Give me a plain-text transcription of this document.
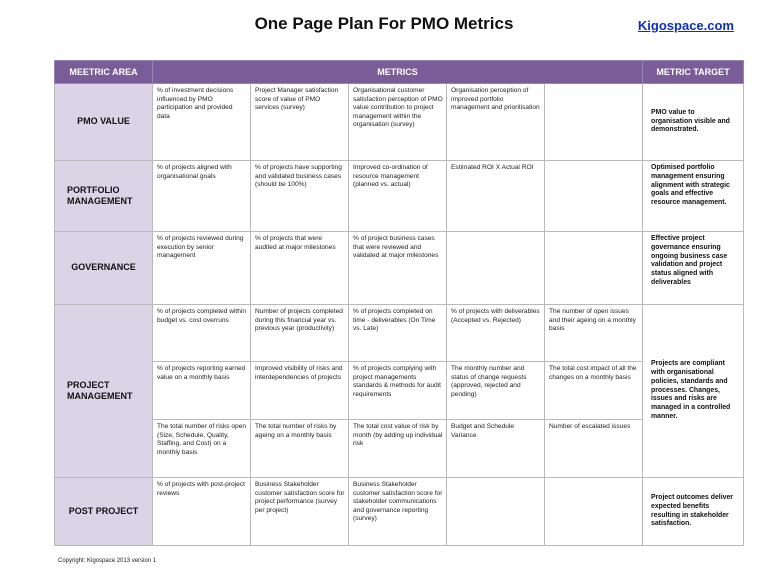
One Page Plan For PMO Metrics	Kigospace.com
MEETRIC AREA	METRICS					METRIC TARGET
PMO VALUE	% of investment decisions influenced by PMO participation and provided data	Project Manager satisfaction score of value of PMO services (survey)	Organisational customer satisfaction perception of PMO value contribution to project management within the organisation (survey)	Organisation perception of improved portfolio management and prioritisation		PMO value to organisation visible and demonstrated.
PORTFOLIO MANAGEMENT	% of projects aligned with organisational goals	% of projects have supporting and validated business cases (should be 100%)	Improved co-ordination of resource management (planned vs. actual)	Estimated ROI X Actual ROI		Optimised portfolio management ensuring alignment with strategic goals and effective resource management.
GOVERNANCE	% of projects reviewed during execution by senior management	% of projects that were audited at major milestones	% of project business cases that were reviewed and validated at major milestones			Effective project governance ensuring ongoing business case validation and project status aligned with deliverables
PROJECT MANAGEMENT	% of projects completed within budget vs. cost overruns	Number of projects completed during this financial year vs. previous year (productivity)	% of projects completed on time - deliverables (On Time vs. Late)	% of projects with deliverables (Accepted vs. Rejected)	The number of open issues and their ageing on a monthly basis	Projects are compliant with organisational policies, standards and processes. Changes, issues and risks are managed in a controlled manner.
	% of projects reporting earned value on a monthly basis	Improved visibility of risks and interdependencies of projects	% of projects complying with project managements standards & methods for audit requirements	The monthly number and status of change requests (approved, rejected and pending)	The total cost impact of all the changes on a monthly basis	
	The total number of risks open (Size, Schedule, Quality, Staffing, and Cost) on a monthly basis	The total number of risks by ageing on a monthly basis	The total cost value of risk by month (by adding up individual risk	Budget and Schedule Variance	Number of escalated issues	
POST PROJECT	% of projects with post-project reviews	Business Stakeholder customer satisfaction score for project performance (survey per project)	Business Stakeholder customer satisfaction score for stakeholder communications and governance reporting (survey)			Project outcomes deliver expected benefits resulting in stakeholder satisfaction.
Copyright: Kigospace 2013 version 1
